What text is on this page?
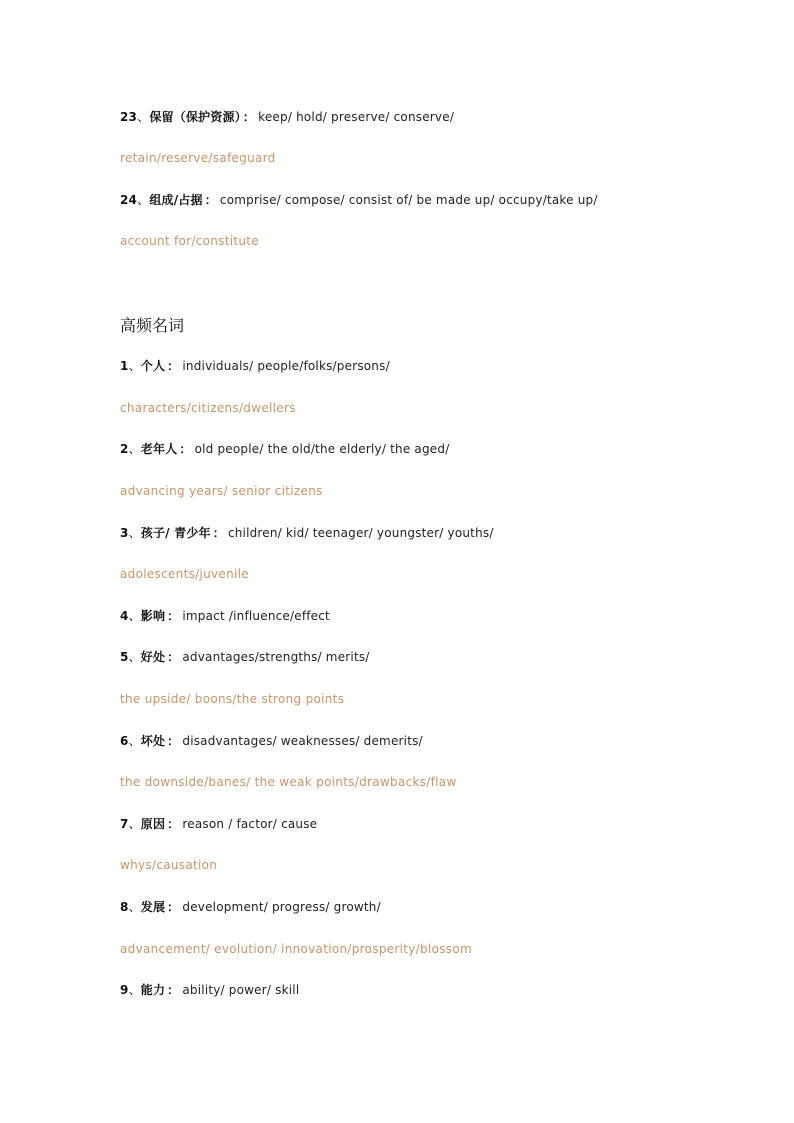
23、保留（保护资源） ： keep/ hold/ preserve/ conserve/
retain/reserve/safeguard
24、组成/占据 ： comprise/ compose/ consist of/ be made up/ occupy/take up/
account for/constitute
高频名词
1、个人 ： individuals/ people/folks/persons/
characters/citizens/dwellers
2、老年人 ： old people/ the old/the elderly/ the aged/
advancing years/ senior citizens
3、孩子/ 青少年 ： children/ kid/ teenager/ youngster/ youths/
adolescents/juvenile
4、影响 ： impact /influence/effect
5、好处 ： advantages/strengths/ merits/
the upside/ boons/the strong points
6、坏处 ： disadvantages/ weaknesses/ demerits/
the downside/banes/ the weak points/drawbacks/flaw
7、原因 ： reason / factor/ cause
whys/causation
8、发展 ： development/ progress/ growth/
advancement/ evolution/ innovation/prosperity/blossom
9、能力 ： ability/ power/ skill
